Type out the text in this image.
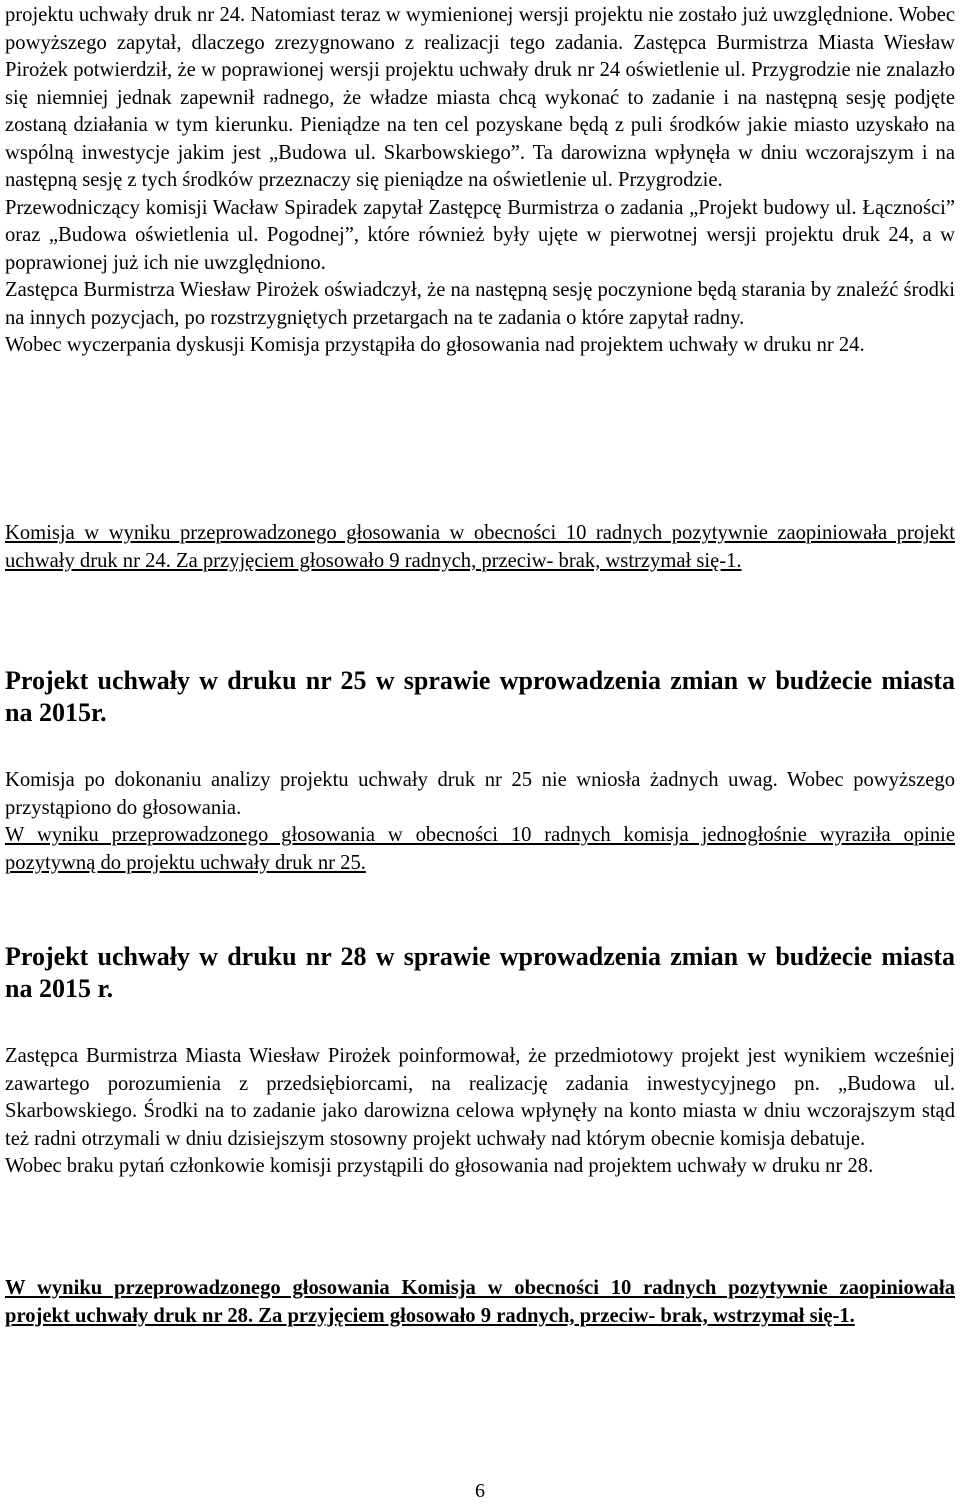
projektu uchwały druk nr 24. Natomiast teraz w wymienionej wersji projektu nie zostało już uwzględnione. Wobec powyższego zapytał, dlaczego zrezygnowano z realizacji tego zadania. Zastępca Burmistrza Miasta Wiesław Pirożek potwierdził, że w poprawionej wersji projektu uchwały druk nr 24 oświetlenie ul. Przygrodzie nie znalazło się niemniej jednak zapewnił radnego, że władze miasta chcą wykonać to zadanie i na następną sesję podjęte zostaną działania w tym kierunku. Pieniądze na ten cel pozyskane będą z puli środków jakie miasto uzyskało na wspólną inwestycje jakim jest „Budowa ul. Skarbowskiego”. Ta darowizna wpłynęła w dniu wczorajszym i na następną sesję z tych środków przeznaczy się pieniądze na oświetlenie ul. Przygrodzie.

Przewodniczący komisji Wacław Spiradek zapytał Zastępcę Burmistrza o zadania „Projekt budowy ul. Łączności” oraz „Budowa oświetlenia ul. Pogodnej”, które również były ujęte w pierwotnej wersji projektu druk 24, a w poprawionej już ich nie uwzględniono.

Zastępca Burmistrza Wiesław Pirożek oświadczył, że na następną sesję poczynione będą starania by znaleźć środki na innych pozycjach, po rozstrzygniętych przetargach na te zadania o które zapytał radny.

Wobec wyczerpania dyskusji Komisja przystąpiła do głosowania nad projektem uchwały w druku nr 24.

Komisja w wyniku przeprowadzonego głosowania w obecności 10 radnych pozytywnie zaopiniowała projekt uchwały druk nr 24. Za przyjęciem głosowało 9 radnych, przeciw- brak, wstrzymał się-1.

Projekt uchwały w druku nr 25 w sprawie wprowadzenia zmian w budżecie miasta na 2015r.

Komisja po dokonaniu analizy projektu uchwały druk nr 25 nie wniosła żadnych uwag. Wobec powyższego przystąpiono do głosowania.

W wyniku przeprowadzonego głosowania w obecności 10 radnych komisja jednogłośnie wyraziła opinie pozytywną do projektu uchwały druk nr 25.

Projekt uchwały w druku nr 28 w sprawie wprowadzenia zmian w budżecie miasta na 2015 r.

Zastępca Burmistrza Miasta Wiesław Pirożek poinformował, że przedmiotowy projekt jest wynikiem wcześniej zawartego porozumienia z przedsiębiorcami, na realizację zadania inwestycyjnego pn. „Budowa ul. Skarbowskiego. Środki na to zadanie jako darowizna celowa wpłynęły na konto miasta w dniu wczorajszym stąd też radni otrzymali w dniu dzisiejszym stosowny projekt uchwały nad którym obecnie komisja debatuje.

Wobec braku pytań członkowie komisji przystąpili do głosowania nad projektem uchwały w druku nr 28.

W wyniku przeprowadzonego głosowania Komisja w obecności 10 radnych pozytywnie zaopiniowała projekt uchwały druk nr 28. Za przyjęciem głosowało 9 radnych, przeciw- brak, wstrzymał się-1.

6
